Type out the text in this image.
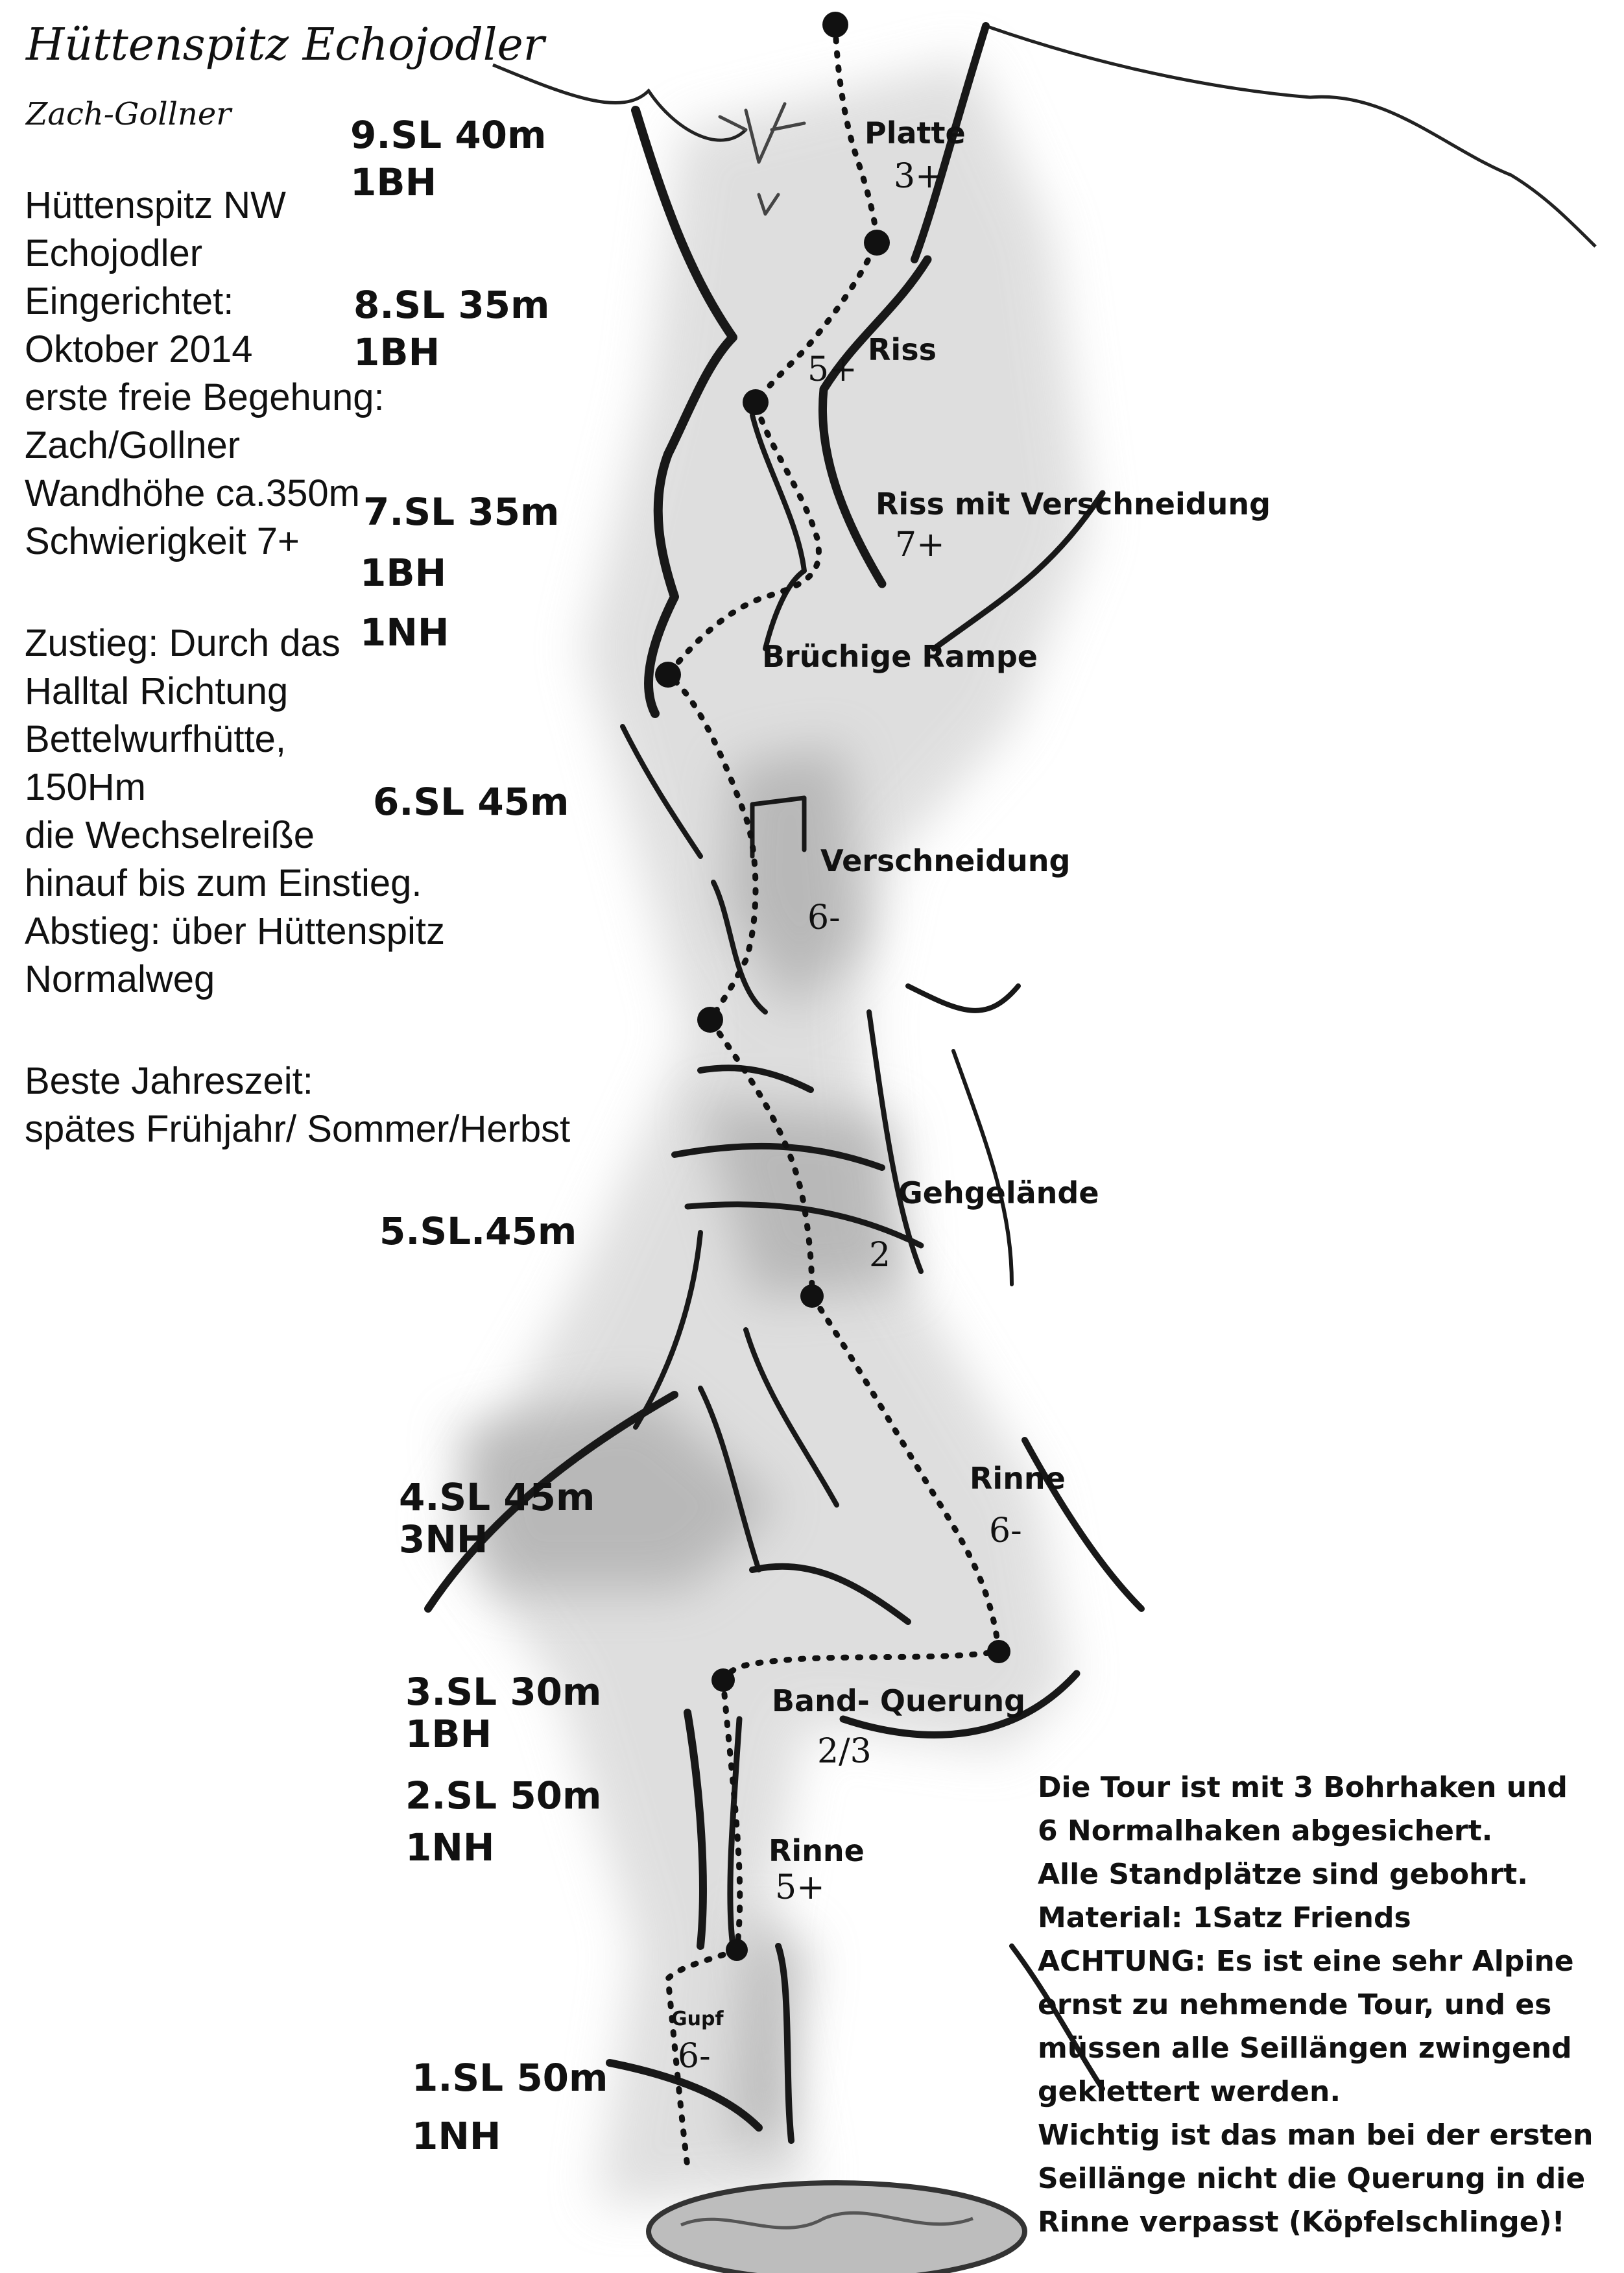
Hüttenspitz Echojodler
Zach-Gollner
Hüttenspitz NW
Echojodler
Eingerichtet:
Oktober 2014
erste freie Begehung:
Zach/Gollner
Wandhöhe ca.350m
Schwierigkeit 7+
Zustieg: Durch das
Halltal Richtung
Bettelwurfhütte,
150Hm
die Wechselreiße
hinauf bis zum Einstieg.
Abstieg: über Hüttenspitz
Normalweg
Beste Jahreszeit:
spätes Frühjahr/ Sommer/Herbst
9.SL 40m
1BH
8.SL 35m
1BH
7.SL 35m
1BH
1NH
6.SL 45m
5.SL.45m
4.SL 45m
3NH
3.SL 30m
1BH
2.SL 50m
1NH
1.SL 50m
1NH
Platte
3+
Riss
5+
Riss mit Verschneidung
7+
Brüchige Rampe
Verschneidung
6-
Gehgelände
2
Rinne
6-
Band- Querung
2/3
Rinne
5+
Gupf
6-
Die Tour ist mit 3 Bohrhaken und
6 Normalhaken abgesichert.
Alle Standplätze sind gebohrt.
Material: 1Satz Friends
ACHTUNG: Es ist eine sehr Alpine
ernst zu nehmende Tour, und es
müssen alle Seillängen zwingend
geklettert werden.
Wichtig ist das man bei der ersten
Seillänge nicht die Querung in die
Rinne verpasst (Köpfelschlinge)!
